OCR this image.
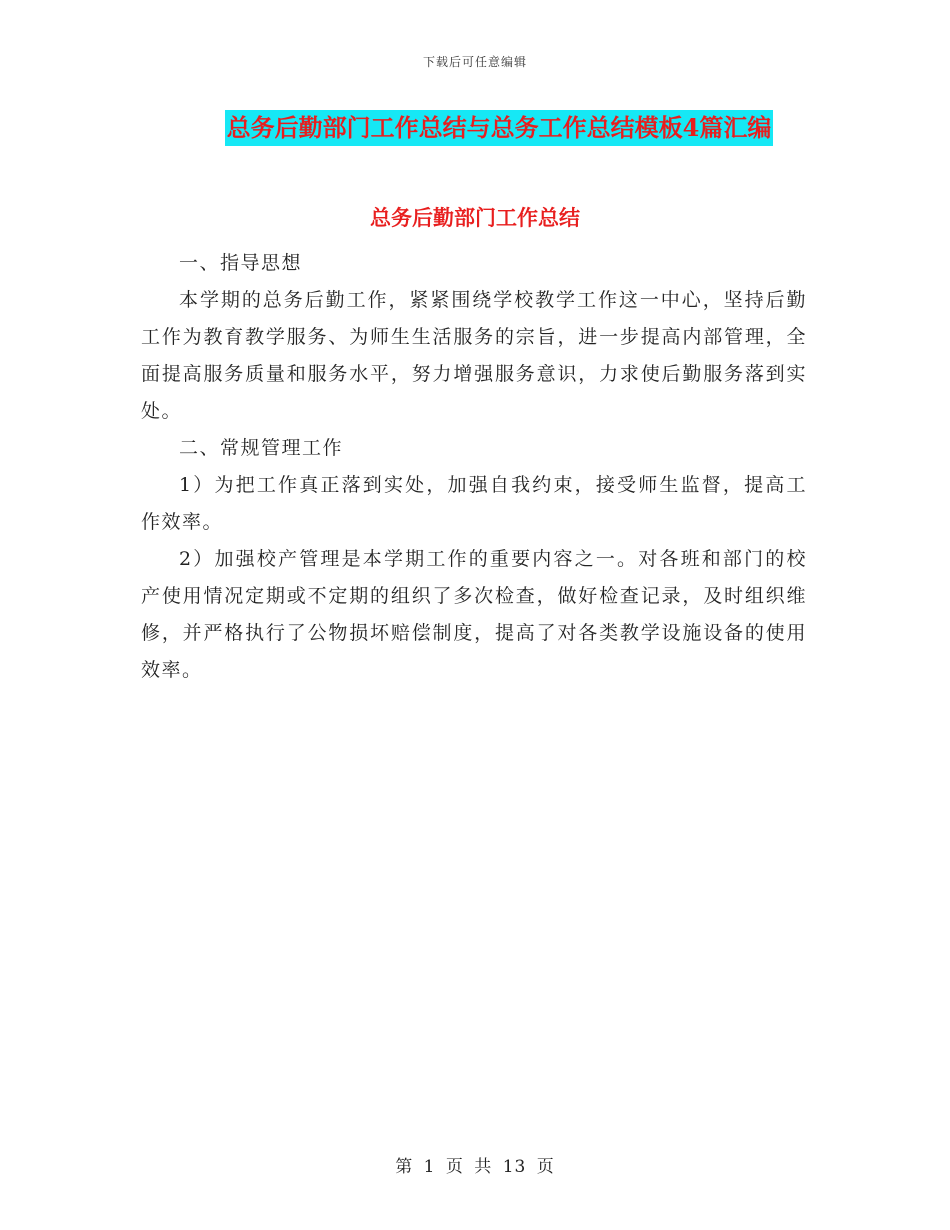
下载后可任意编辑
总务后勤部门工作总结与总务工作总结模板4篇汇编
总务后勤部门工作总结

一、指导思想

本学期的总务后勤工作，紧紧围绕学校教学工作这一中心，坚持后勤工作为教育教学服务、为师生生活服务的宗旨，进一步提高内部管理，全面提高服务质量和服务水平，努力增强服务意识，力求使后勤服务落到实处。

二、常规管理工作

1）为把工作真正落到实处，加强自我约束，接受师生监督，提高工作效率。

2）加强校产管理是本学期工作的重要内容之一。对各班和部门的校产使用情况定期或不定期的组织了多次检查，做好检查记录，及时组织维修，并严格执行了公物损坏赔偿制度，提高了对各类教学设施设备的使用效率。

第 1 页 共 13 页
